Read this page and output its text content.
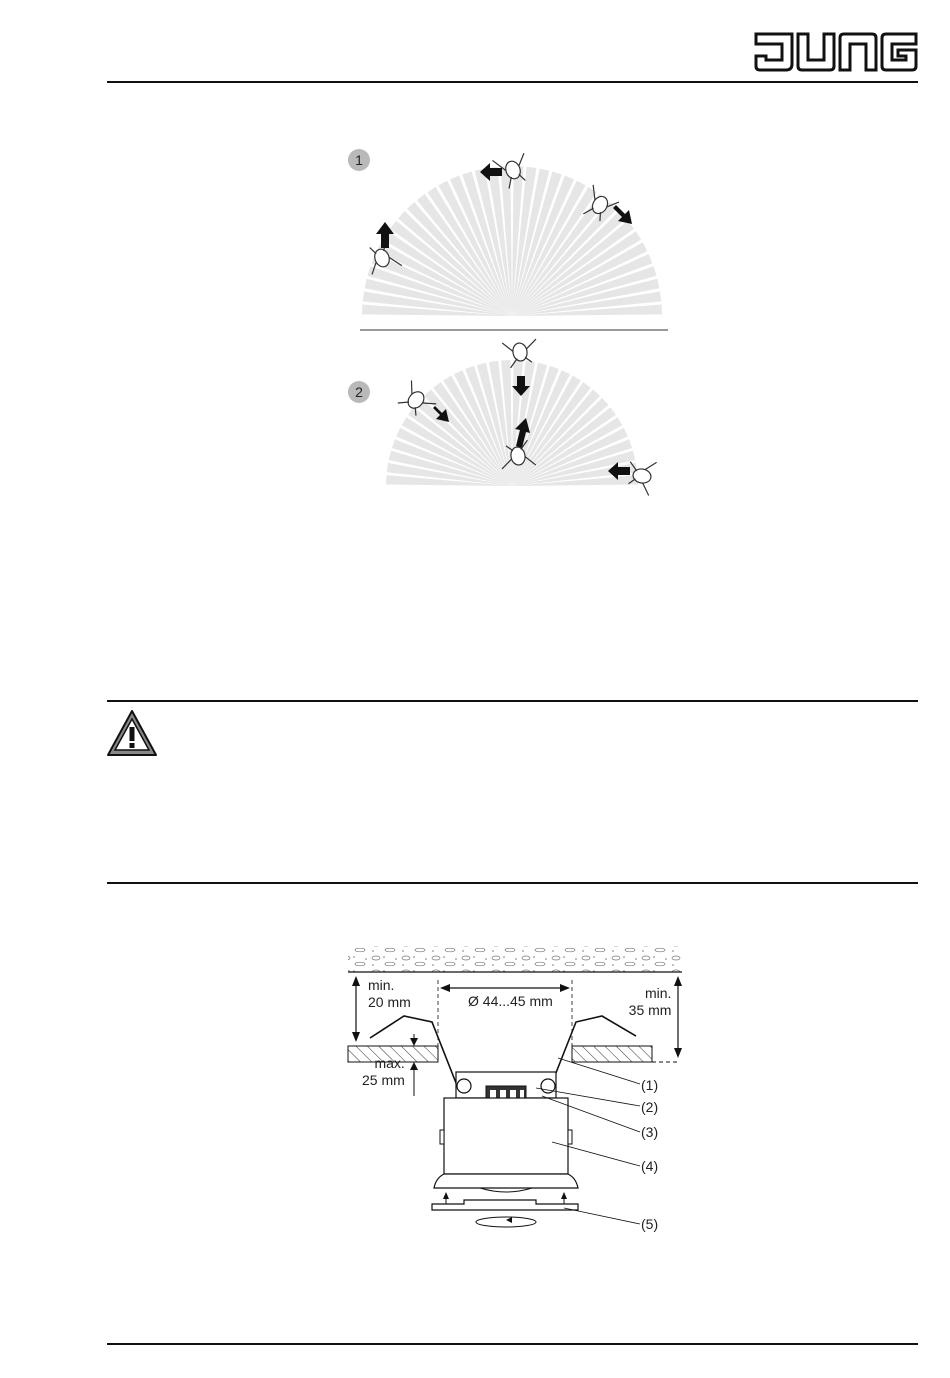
JUNG
1
2
min.
20 mm	Ø 44...45 mm	min.
35 mm
max.
25 mm	(1)
(2)
(3)
(4)
(5)
